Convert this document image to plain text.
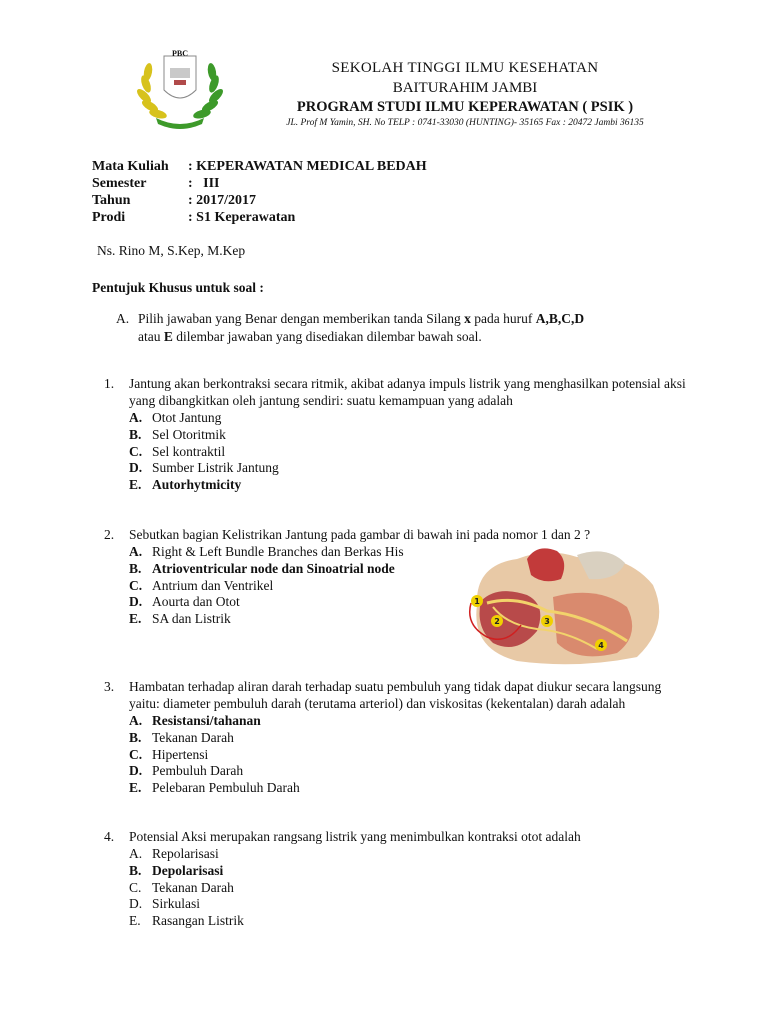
PBC
SEKOLAH TINGGI ILMU KESEHATAN
BAITURAHIM JAMBI
PROGRAM STUDI ILMU KEPERAWATAN ( PSIK )
JL. Prof M Yamin, SH. No TELP : 0741-33030 (HUNTING)- 35165 Fax : 20472 Jambi 36135
Mata Kuliah	: KEPERAWATAN MEDICAL BEDAH
Semester	:   III
Tahun	: 2017/2017
Prodi	: S1 Keperawatan
Ns. Rino M, S.Kep, M.Kep
Pentujuk Khusus untuk soal :
A. Pilih jawaban yang Benar dengan memberikan tanda Silang x pada huruf A,B,C,D
atau E dilembar jawaban yang disediakan dilembar bawah soal.
1. Jantung akan berkontraksi secara ritmik, akibat adanya impuls listrik yang menghasilkan potensial aksi yang dibangkitkan oleh jantung sendiri: suatu kemampuan yang adalah
A. Otot Jantung
B. Sel Otoritmik
C. Sel kontraktil
D. Sumber Listrik Jantung
E. Autorhytmicity
2. Sebutkan bagian Kelistrikan Jantung pada gambar di bawah ini pada nomor 1 dan 2 ?
A. Right & Left Bundle Branches dan Berkas His
B. Atrioventricular node dan Sinoatrial node
C. Antrium dan Ventrikel
D. Aourta dan Otot
E. SA dan Listrik
1
2	3
4
3. Hambatan terhadap aliran darah terhadap suatu pembuluh yang tidak dapat diukur secara langsung yaitu: diameter pembuluh darah (terutama arteriol) dan viskositas (kekentalan) darah adalah
A. Resistansi/tahanan
B. Tekanan Darah
C. Hipertensi
D. Pembuluh Darah
E. Pelebaran Pembuluh Darah
4. Potensial Aksi merupakan rangsang listrik yang menimbulkan kontraksi otot adalah
A. Repolarisasi
B. Depolarisasi
C. Tekanan Darah
D. Sirkulasi
E. Rasangan Listrik
